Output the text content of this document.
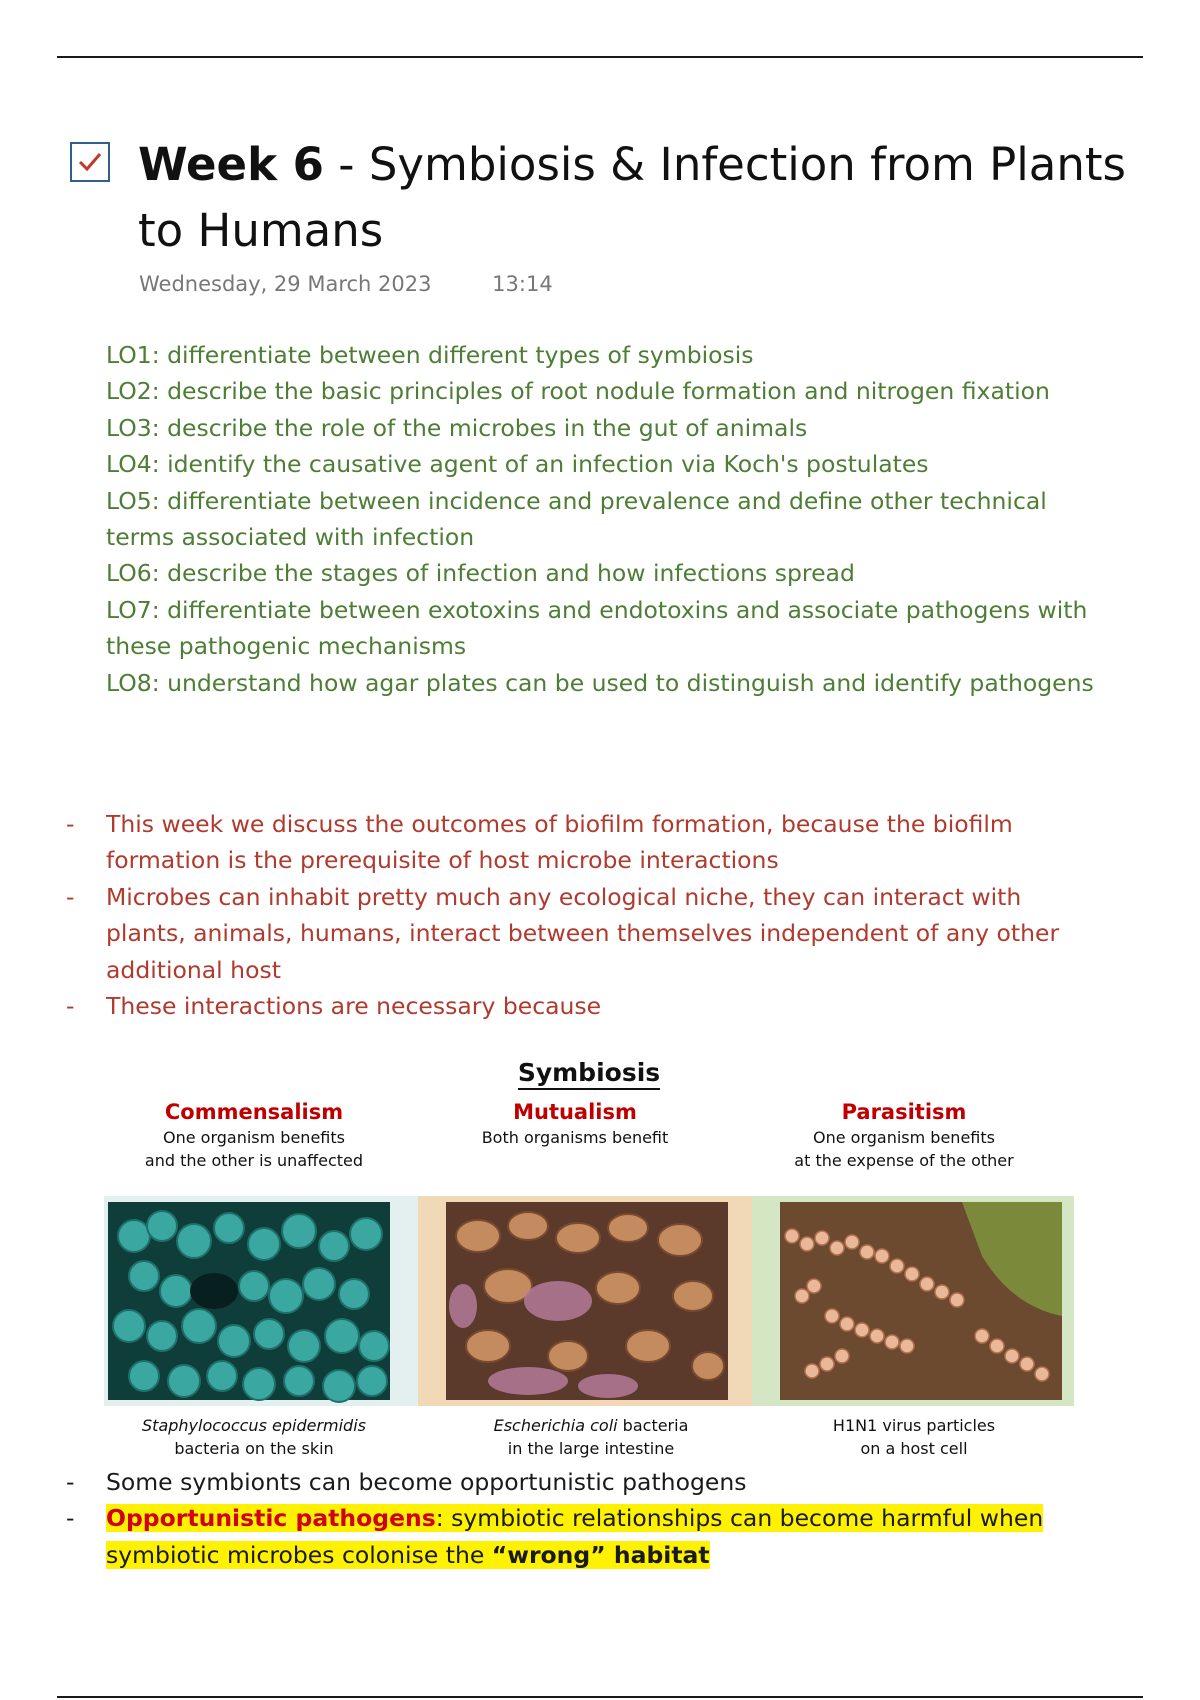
Week 6 - Symbiosis & Infection from Plants to Humans
Wednesday, 29 March 2023	13:14
LO1: differentiate between different types of symbiosis
LO2: describe the basic principles of root nodule formation and nitrogen fixation
LO3: describe the role of the microbes in the gut of animals
LO4: identify the causative agent of an infection via Koch's postulates
LO5: differentiate between incidence and prevalence and define other technical terms associated with infection
LO6: describe the stages of infection and how infections spread
LO7: differentiate between exotoxins and endotoxins and associate pathogens with these pathogenic mechanisms
LO8: understand how agar plates can be used to distinguish and identify pathogens
- This week we discuss the outcomes of biofilm formation, because the biofilm formation is the prerequisite of host microbe interactions
- Microbes can inhabit pretty much any ecological niche, they can interact with plants, animals, humans, interact between themselves independent of any other additional host
- These interactions are necessary because
Symbiosis
Commensalism
One organism benefits
and the other is unaffected
Mutualism
Both organisms benefit
Parasitism
One organism benefits
at the expense of the other
Staphylococcus epidermidis
bacteria on the skin
Escherichia coli bacteria
in the large intestine
H1N1 virus particles
on a host cell
- Some symbionts can become opportunistic pathogens
- Opportunistic pathogens: symbiotic relationships can become harmful when symbiotic microbes colonise the “wrong” habitat
